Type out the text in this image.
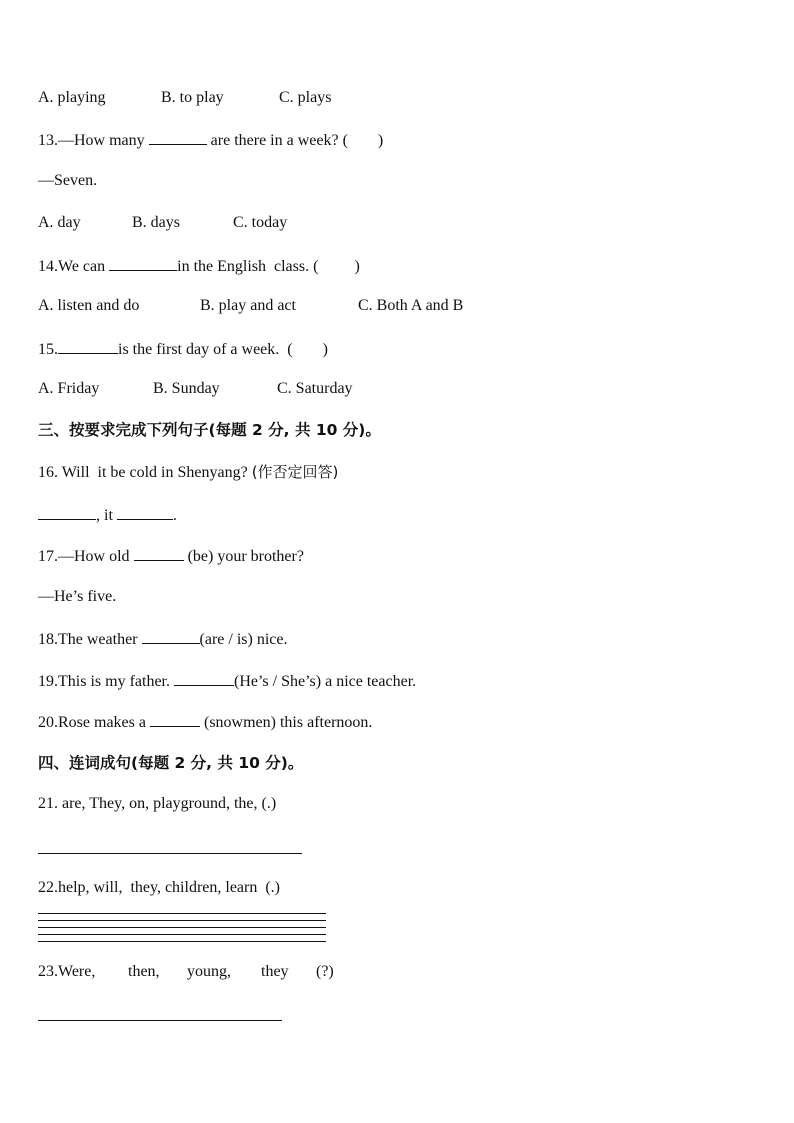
A. playing

	B. to play

	C. plays

13.—How many	are there in a week? ( )
—Seven.

A. day

	B. days

	C. today

14.We can	in the English  class. ( )

A. listen and do

	B. play and act

	C. Both A and B

15.	is the first day of a week.  ( )

A. Friday

	B. Sunday

	C. Saturday

三、按要求完成下列句子(每题 2 分, 共 10 分)。
16. Will  it be cold in Shenyang? (作否定回答)
, it	.
17.—How old	(be) your brother?
—He’s five.
18.The weather	(are / is) nice.
19.This is my father.	(He’s / She’s) a nice teacher.
20.Rose makes a	(snowmen) this afternoon.
四、连词成句(每题 2 分, 共 10 分)。
21. are, They, on, playground, the, (.)
22.help, will,  they, children, learn  (.)

23.Were,

then,

young,

they

(?)
